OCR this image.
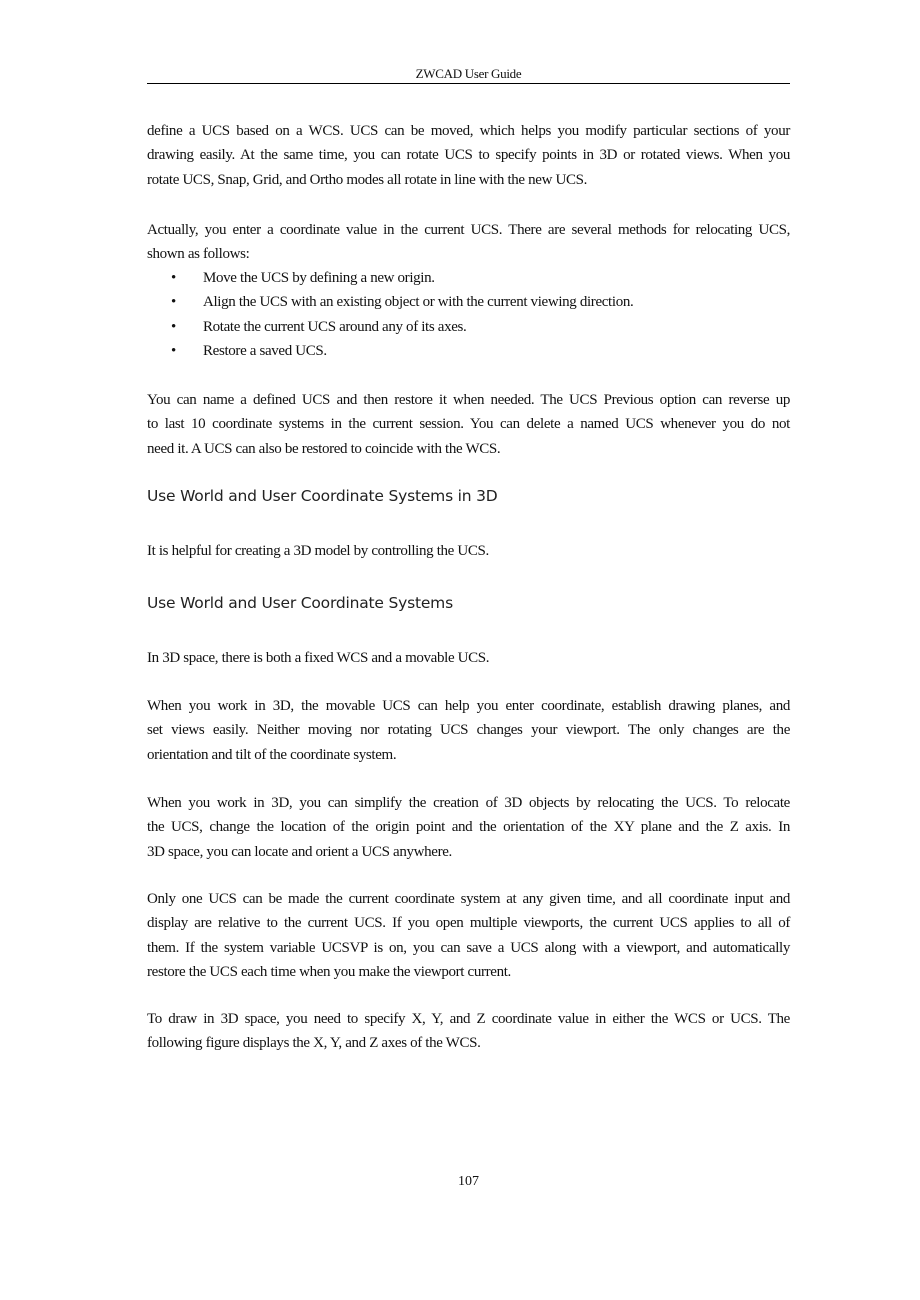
ZWCAD User Guide
define a UCS based on a WCS. UCS can be moved, which helps you modify particular sections of your
drawing easily. At the same time, you can rotate UCS to specify points in 3D or rotated views. When you
rotate UCS, Snap, Grid, and Ortho modes all rotate in line with the new UCS.
Actually, you enter a coordinate value in the current UCS. There are several methods for relocating UCS,
shown as follows:
• Move the UCS by defining a new origin.
• Align the UCS with an existing object or with the current viewing direction.
• Rotate the current UCS around any of its axes.
• Restore a saved UCS.
You can name a defined UCS and then restore it when needed. The UCS Previous option can reverse up
to last 10 coordinate systems in the current session. You can delete a named UCS whenever you do not
need it. A UCS can also be restored to coincide with the WCS.
Use World and User Coordinate Systems in 3D
It is helpful for creating a 3D model by controlling the UCS.
Use World and User Coordinate Systems
In 3D space, there is both a fixed WCS and a movable UCS.
When you work in 3D, the movable UCS can help you enter coordinate, establish drawing planes, and
set views easily. Neither moving nor rotating UCS changes your viewport. The only changes are the
orientation and tilt of the coordinate system.
When you work in 3D, you can simplify the creation of 3D objects by relocating the UCS. To relocate
the UCS, change the location of the origin point and the orientation of the XY plane and the Z axis. In
3D space, you can locate and orient a UCS anywhere.
Only one UCS can be made the current coordinate system at any given time, and all coordinate input and
display are relative to the current UCS. If you open multiple viewports, the current UCS applies to all of
them. If the system variable UCSVP is on, you can save a UCS along with a viewport, and automatically
restore the UCS each time when you make the viewport current.
To draw in 3D space, you need to specify X, Y, and Z coordinate value in either the WCS or UCS. The
following figure displays the X, Y, and Z axes of the WCS.
107
